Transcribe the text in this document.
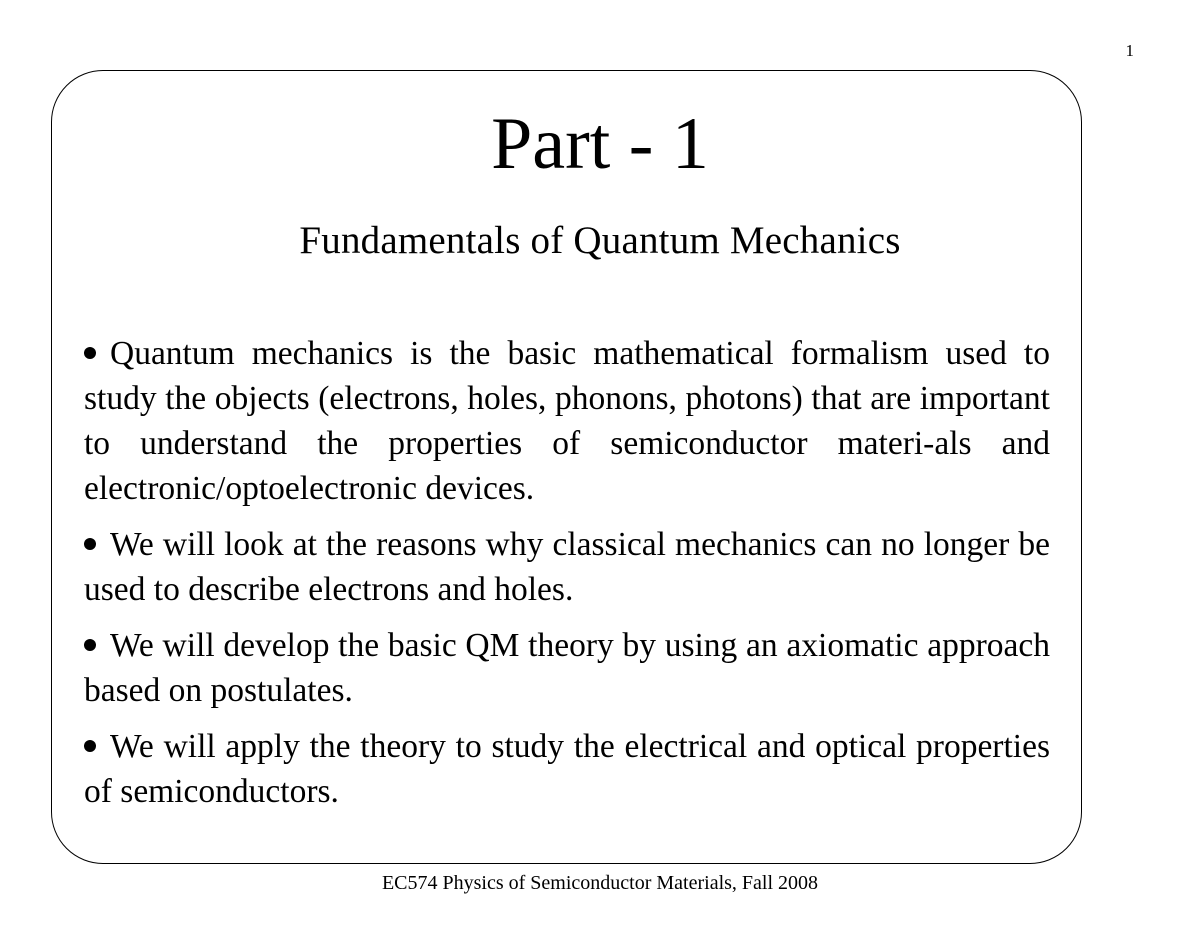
1
Part - 1
Fundamentals of Quantum Mechanics
Quantum mechanics is the basic mathematical formalism used to study the objects (electrons, holes, phonons, photons) that are important to understand the properties of semiconductor materi-als and electronic/optoelectronic devices.
We will look at the reasons why classical mechanics can no longer be used to describe electrons and holes.
We will develop the basic QM theory by using an axiomatic approach based on postulates.
We will apply the theory to study the electrical and optical properties of semiconductors.
EC574 Physics of Semiconductor Materials, Fall 2008
